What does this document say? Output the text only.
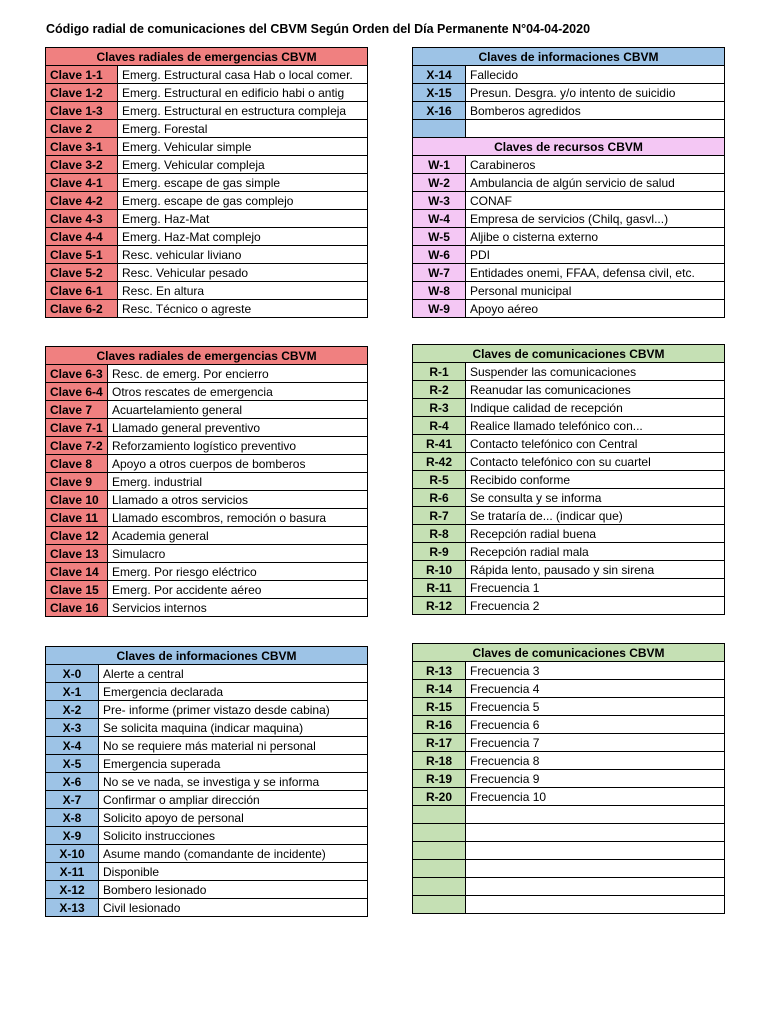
Código radial de comunicaciones del CBVM Según Orden del Día Permanente N°04-04-2020
Claves radiales de emergencias CBVM	
Clave 1-1	Emerg. Estructural casa Hab o local comer.
Clave 1-2	Emerg. Estructural en edificio habi o antig
Clave 1-3	Emerg. Estructural en estructura compleja
Clave 2	Emerg. Forestal
Clave 3-1	Emerg. Vehicular simple
Clave 3-2	Emerg. Vehicular compleja
Clave 4-1	Emerg. escape de gas simple
Clave 4-2	Emerg. escape de gas complejo
Clave 4-3	Emerg. Haz-Mat
Clave 4-4	Emerg. Haz-Mat complejo
Clave 5-1	Resc. vehicular liviano
Clave 5-2	Resc. Vehicular pesado
Clave 6-1	Resc. En altura
Clave 6-2	Resc. Técnico o agreste
Claves de informaciones CBVM	
X-14	Fallecido
X-15	Presun. Desgra. y/o intento de suicidio
X-16	Bomberos agredidos

Claves de recursos CBVM	
W-1	Carabineros
W-2	Ambulancia de algún servicio de salud
W-3	CONAF
W-4	Empresa de servicios (Chilq, gasvl...)
W-5	Aljibe o cisterna externo
W-6	PDI
W-7	Entidades onemi, FFAA, defensa civil, etc.
W-8	Personal municipal
W-9	Apoyo aéreo
Claves radiales de emergencias CBVM	
Clave 6-3	Resc. de emerg. Por encierro
Clave 6-4	Otros rescates de emergencia
Clave 7	Acuartelamiento general
Clave 7-1	Llamado general preventivo
Clave 7-2	Reforzamiento logístico preventivo
Clave 8	Apoyo a otros cuerpos de bomberos
Clave 9	Emerg. industrial
Clave 10	Llamado a otros servicios
Clave 11	Llamado escombros, remoción o basura
Clave 12	Academia general
Clave 13	Simulacro
Clave 14	Emerg. Por riesgo eléctrico
Clave 15	Emerg. Por accidente aéreo
Clave 16	Servicios internos
Claves de comunicaciones CBVM	
R-1	Suspender las comunicaciones
R-2	Reanudar las comunicaciones
R-3	Indique calidad de recepción
R-4	Realice llamado telefónico con...
R-41	Contacto telefónico con Central
R-42	Contacto telefónico con su cuartel
R-5	Recibido conforme
R-6	Se consulta y se informa
R-7	Se trataría de... (indicar que)
R-8	Recepción radial buena
R-9	Recepción radial mala
R-10	Rápida lento, pausado y sin sirena
R-11	Frecuencia 1
R-12	Frecuencia 2
Claves de informaciones CBVM	
X-0	Alerte a central
X-1	Emergencia declarada
X-2	Pre- informe (primer vistazo desde cabina)
X-3	Se solicita maquina (indicar maquina)
X-4	No se requiere más material ni personal
X-5	Emergencia superada
X-6	No se ve nada, se investiga y se informa
X-7	Confirmar o ampliar dirección
X-8	Solicito apoyo de personal
X-9	Solicito instrucciones
X-10	Asume mando (comandante de incidente)
X-11	Disponible
X-12	Bombero lesionado
X-13	Civil lesionado
Claves de comunicaciones CBVM	
R-13	Frecuencia 3
R-14	Frecuencia 4
R-15	Frecuencia 5
R-16	Frecuencia 6
R-17	Frecuencia 7
R-18	Frecuencia 8
R-19	Frecuencia 9
R-20	Frecuencia 10
